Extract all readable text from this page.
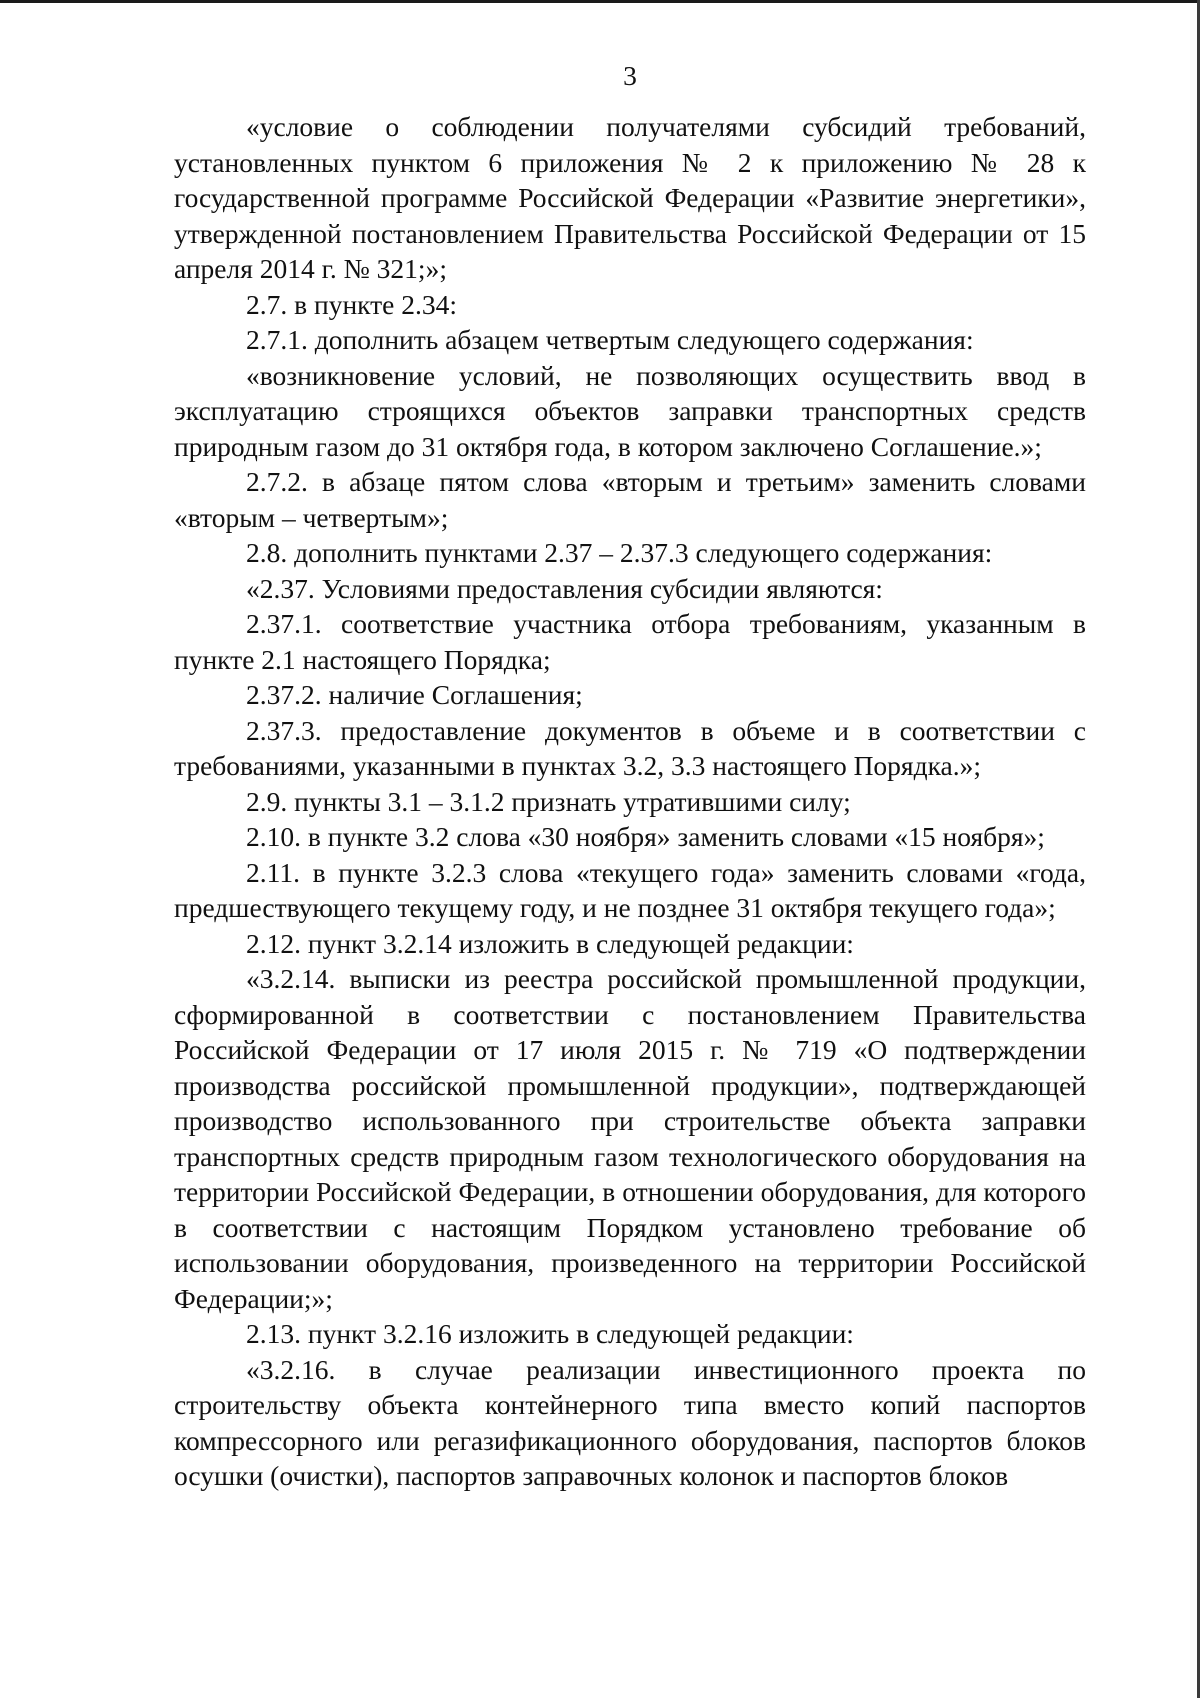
3

«условие о соблюдении получателями субсидий требований, установленных пунктом 6 приложения № 2 к приложению № 28 к государственной программе Российской Федерации «Развитие энергетики», утвержденной постановлением Правительства Российской Федерации от 15 апреля 2014 г. № 321;»;

2.7. в пункте 2.34:

2.7.1. дополнить абзацем четвертым следующего содержания:

«возникновение условий, не позволяющих осуществить ввод в эксплуатацию строящихся объектов заправки транспортных средств природным газом до 31 октября года, в котором заключено Соглашение.»;

2.7.2. в абзаце пятом слова «вторым и третьим» заменить словами «вторым – четвертым»;

2.8. дополнить пунктами 2.37 – 2.37.3 следующего содержания:

«2.37. Условиями предоставления субсидии являются:

2.37.1. соответствие участника отбора требованиям, указанным в пункте 2.1 настоящего Порядка;

2.37.2. наличие Соглашения;

2.37.3. предоставление документов в объеме и в соответствии с требованиями, указанными в пунктах 3.2, 3.3 настоящего Порядка.»;

2.9. пункты 3.1 – 3.1.2 признать утратившими силу;

2.10. в пункте 3.2 слова «30 ноября» заменить словами «15 ноября»;

2.11. в пункте 3.2.3 слова «текущего года» заменить словами «года, предшествующего текущему году, и не позднее 31 октября текущего года»;

2.12. пункт 3.2.14 изложить в следующей редакции:

«3.2.14. выписки из реестра российской промышленной продукции, сформированной в соответствии с постановлением Правительства Российской Федерации от 17 июля 2015 г. № 719 «О подтверждении производства российской промышленной продукции», подтверждающей производство использованного при строительстве объекта заправки транспортных средств природным газом технологического оборудования на территории Российской Федерации, в отношении оборудования, для которого в соответствии с настоящим Порядком установлено требование об использовании оборудования, произведенного на территории Российской Федерации;»;

2.13. пункт 3.2.16 изложить в следующей редакции:

«3.2.16. в случае реализации инвестиционного проекта по строительству объекта контейнерного типа вместо копий паспортов компрессорного или регазификационного оборудования, паспортов блоков осушки (очистки), паспортов заправочных колонок и паспортов блоков
